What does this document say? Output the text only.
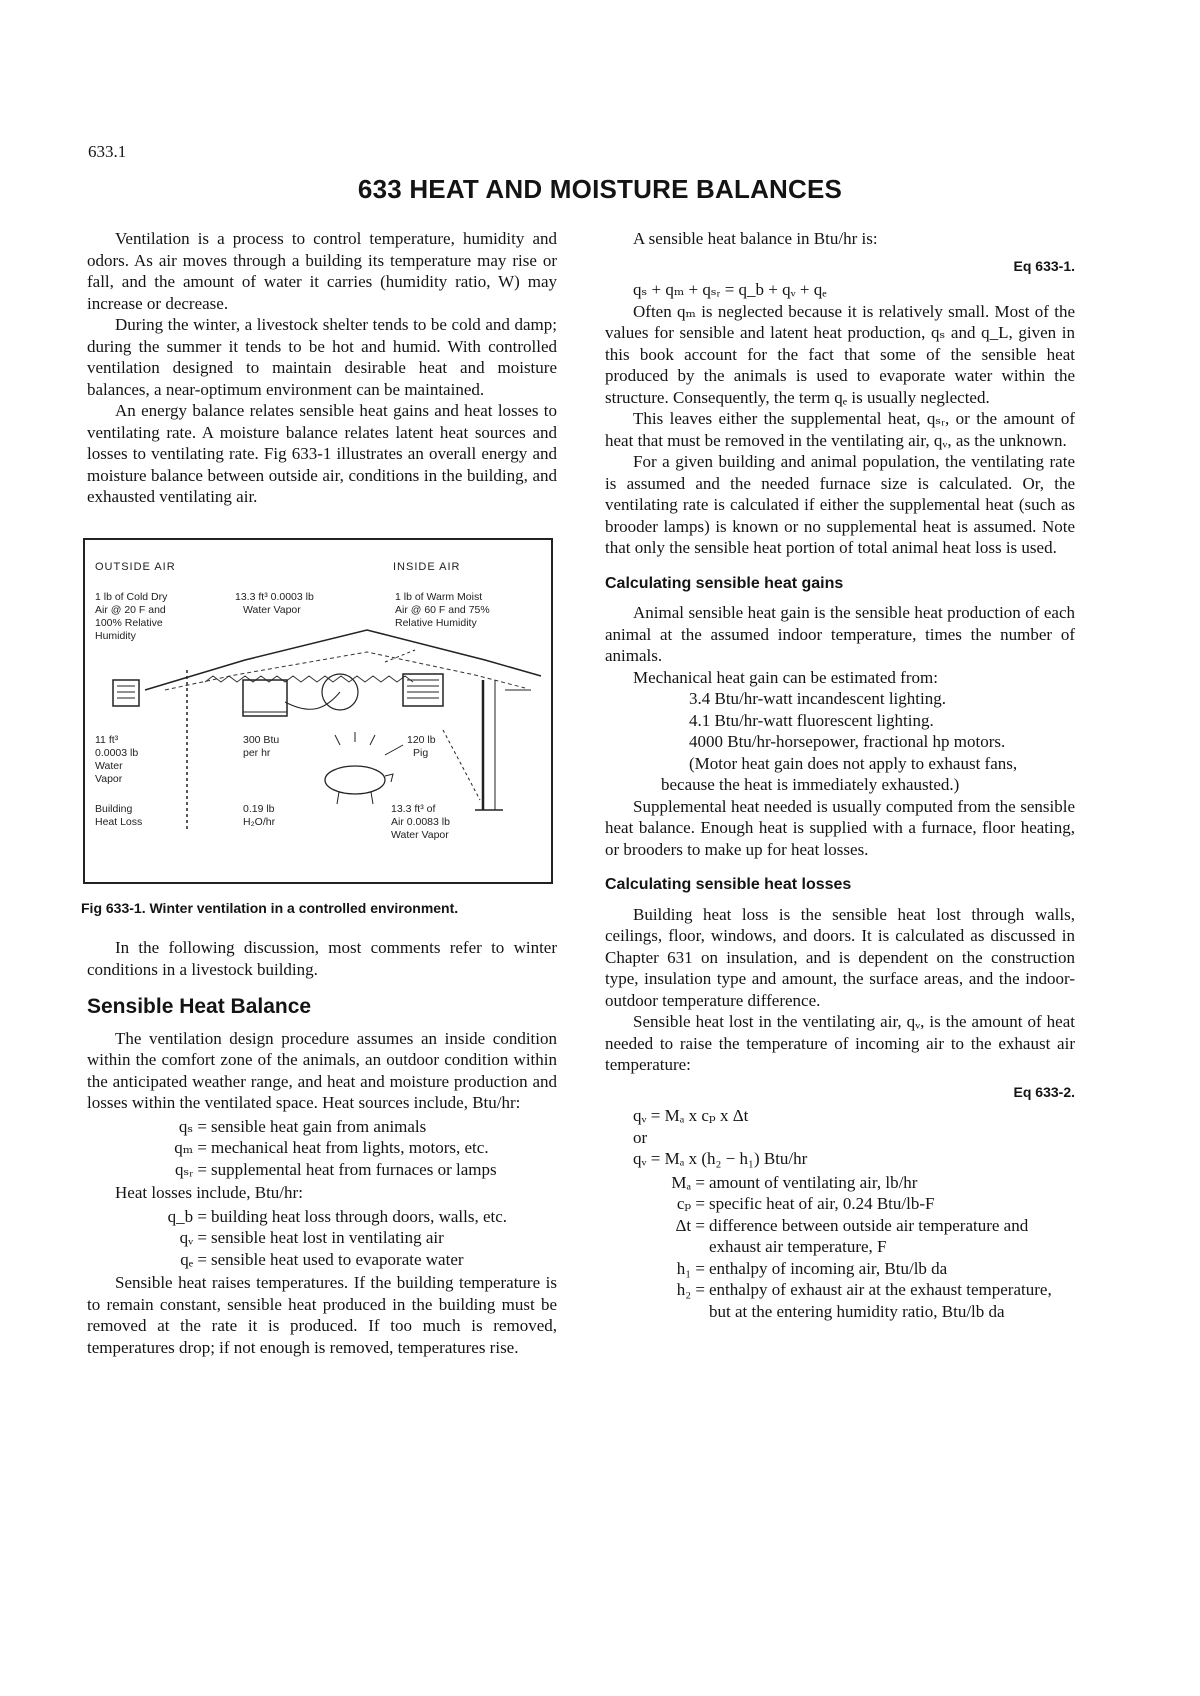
633.1
633 HEAT AND MOISTURE BALANCES

Ventilation is a process to control temperature, humidity and odors. As air moves through a building its temperature may rise or fall, and the amount of water it carries (humidity ratio, W) may increase or decrease.

During the winter, a livestock shelter tends to be cold and damp; during the summer it tends to be hot and humid. With controlled ventilation designed to maintain desirable heat and moisture balances, a near-optimum environment can be maintained.

An energy balance relates sensible heat gains and heat losses to ventilating rate. A moisture balance relates latent heat sources and losses to ventilating rate. Fig 633-1 illustrates an overall energy and moisture balance between outside air, conditions in the building, and exhausted ventilating air.

OUTSIDE AIR	INSIDE AIR
1 lb of Cold Dry Air @ 20 F and 100% Relative Humidity
13.3 ft³ 0.0003 lb Water Vapor
1 lb of Warm Moist Air @ 60 F and 75% Relative Humidity
11 ft³ 0.0003 lb Water Vapor
300 Btu per hr
120 lb Pig
Building Heat Loss
0.19 lb H₂O/hr
13.3 ft³ of Air 0.0083 lb Water Vapor
Fig 633-1. Winter ventilation in a controlled environment.

In the following discussion, most comments refer to winter conditions in a livestock building.

Sensible Heat Balance

The ventilation design procedure assumes an inside condition within the comfort zone of the animals, an outdoor condition within the anticipated weather range, and heat and moisture production and losses within the ventilated space. Heat sources include, Btu/hr:

qₛ = sensible heat gain from animals
qₘ = mechanical heat from lights, motors, etc.
qₛᵣ = supplemental heat from furnaces or lamps

Heat losses include, Btu/hr:

q_b = building heat loss through doors, walls, etc.
qᵥ = sensible heat lost in ventilating air
qₑ = sensible heat used to evaporate water

Sensible heat raises temperatures. If the building temperature is to remain constant, sensible heat produced in the building must be removed at the rate it is produced. If too much is removed, temperatures drop; if not enough is removed, temperatures rise.

A sensible heat balance in Btu/hr is:

Eq 633-1.

qₛ + qₘ + qₛᵣ = q_b + qᵥ + qₑ

Often qₘ is neglected because it is relatively small. Most of the values for sensible and latent heat production, qₛ and q_L, given in this book account for the fact that some of the sensible heat produced by the animals is used to evaporate water within the structure. Consequently, the term qₑ is usually neglected.

This leaves either the supplemental heat, qₛᵣ, or the amount of heat that must be removed in the ventilating air, qᵥ, as the unknown.

For a given building and animal population, the ventilating rate is assumed and the needed furnace size is calculated. Or, the ventilating rate is calculated if either the supplemental heat (such as brooder lamps) is known or no supplemental heat is assumed. Note that only the sensible heat portion of total animal heat loss is used.

Calculating sensible heat gains

Animal sensible heat gain is the sensible heat production of each animal at the assumed indoor temperature, times the number of animals.

Mechanical heat gain can be estimated from:

3.4 Btu/hr-watt incandescent lighting.

4.1 Btu/hr-watt fluorescent lighting.

4000 Btu/hr-horsepower, fractional hp motors.

(Motor heat gain does not apply to exhaust fans, because the heat is immediately exhausted.)

Supplemental heat needed is usually computed from the sensible heat balance. Enough heat is supplied with a furnace, floor heating, or brooders to make up for heat losses.

Calculating sensible heat losses

Building heat loss is the sensible heat lost through walls, ceilings, floor, windows, and doors. It is calculated as discussed in Chapter 631 on insulation, and is dependent on the construction type, insulation type and amount, the surface areas, and the indoor-outdoor temperature difference.

Sensible heat lost in the ventilating air, qᵥ, is the amount of heat needed to raise the temperature of incoming air to the exhaust air temperature:

Eq 633-2.

qᵥ = Mₐ x cₚ x Δt

or

qᵥ = Mₐ x (h₂ − h₁) Btu/hr

Mₐ = amount of ventilating air, lb/hr
cₚ = specific heat of air, 0.24 Btu/lb-F
Δt = difference between outside air temperature and exhaust air temperature, F
h₁ = enthalpy of incoming air, Btu/lb da
h₂ = enthalpy of exhaust air at the exhaust temperature, but at the entering humidity ratio, Btu/lb da
